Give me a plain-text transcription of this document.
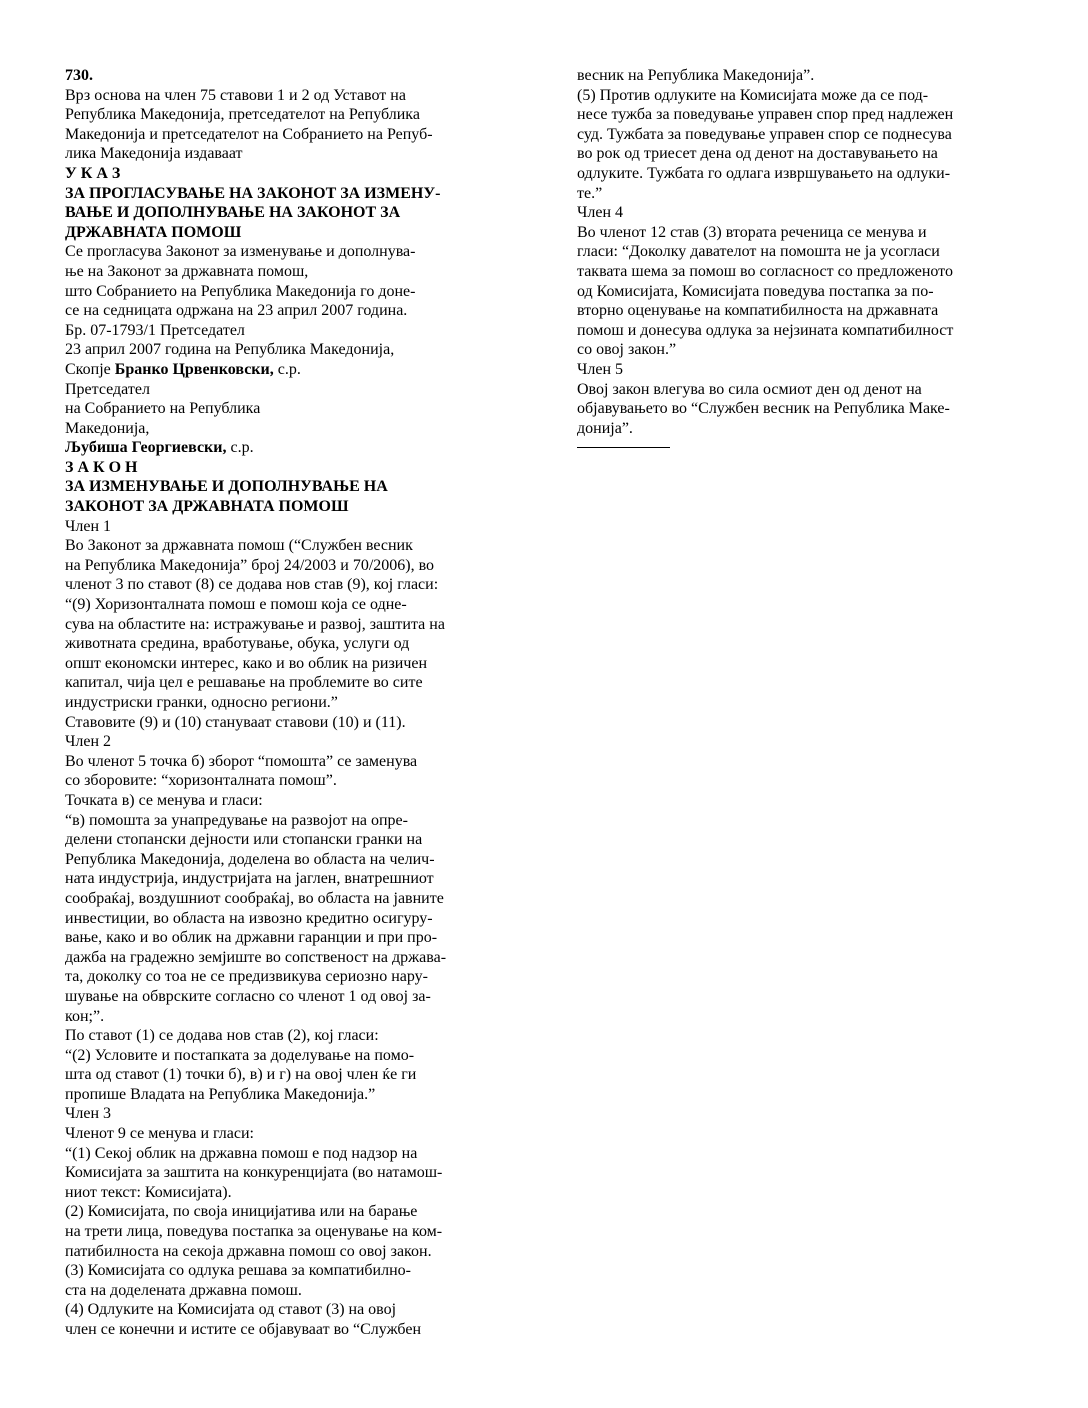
730.
Врз основа на член 75 ставови 1 и 2 од Уставот на
Република Македонија, претседателот на Република
Македонија и претседателот на Собранието на Репуб-
лика Македонија издаваат
У К А З
ЗА ПРОГЛАСУВАЊЕ НА ЗАКОНОТ ЗА ИЗМЕНУ-
ВАЊЕ И ДОПОЛНУВАЊЕ НА ЗАКОНОТ ЗА
ДРЖАВНАТА ПОМОШ
Се прогласува Законот за изменување и дополнува-
ње на Законот за државната помош,
што Собранието на Република Македонија го доне-
се на седницата одржана на 23 април 2007 година.
Бр. 07-1793/1 Претседател
23 април 2007 година на Република Македонија,
Скопје Бранко Црвенковски, с.р.
Претседател
на Собранието на Република
Македонија,
Љубиша Георгиевски, с.р.
З А К О Н
ЗА ИЗМЕНУВАЊЕ И ДОПОЛНУВАЊЕ НА
ЗАКОНОТ ЗА ДРЖАВНАТА ПОМОШ
Член 1
Во Законот за државната помош (“Службен весник
на Република Македонија” број 24/2003 и 70/2006), во
членот 3 по ставот (8) се додава нов став (9), кој гласи:
“(9) Хоризонталната помош е помош која се одне-
сува на областите на: истражување и развој, заштита на
животната средина, вработување, обука, услуги од
општ економски интерес, како и во облик на ризичен
капитал, чија цел е решавање на проблемите во сите
индустриски гранки, односно региони.”
Ставовите (9) и (10) стануваат ставови (10) и (11).
Член 2
Во членот 5 точка б) зборот “помошта” се заменува
со зборовите: “хоризонталната помош”.
Точката в) се менува и гласи:
“в) помошта за унапредување на развојот на опре-
делени стопански дејности или стопански гранки на
Република Македонија, доделена во областа на челич-
ната индустрија, индустријата на јаглен, внатрешниот
сообраќај, воздушниот сообраќај, во областа на јавните
инвестиции, во областа на извозно кредитно осигуру-
вање, како и во облик на државни гаранции и при про-
дажба на градежно земјиште во сопственост на држава-
та, доколку со тоа не се предизвикува сериозно нару-
шување на обврските согласно со членот 1 од овој за-
кон;”.
По ставот (1) се додава нов став (2), кој гласи:
“(2) Условите и постапката за доделување на помо-
шта од ставот (1) точки б), в) и г) на овој член ќе ги
пропише Владата на Република Македонија.”
Член 3
Членот 9 се менува и гласи:
“(1) Секој облик на државна помош е под надзор на
Комисијата за заштита на конкуренцијата (во натамош-
ниот текст: Комисијата).
(2) Комисијата, по своја иницијатива или на барање
на трети лица, поведува постапка за оценување на ком-
патибилноста на секоја државна помош со овој закон.
(3) Комисијата со одлука решава за компатибилно-
ста на доделената државна помош.
(4) Одлуките на Комисијата од ставот (3) на овој
член се конечни и истите се објавуваат во “Службен
весник на Република Македонија”.
(5) Против одлуките на Комисијата може да се под-
несе тужба за поведување управен спор пред надлежен
суд. Тужбата за поведување управен спор се поднесува
во рок од триесет дена од денот на доставувањето на
одлуките. Тужбата го одлага извршувањето на одлуки-
те.”
Член 4
Во членот 12 став (3) втората реченица се менува и
гласи: “Доколку давателот на помошта не ја усогласи
таквата шема за помош во согласност со предложеното
од Комисијата, Комисијата поведува постапка за по-
вторно оценување на компатибилноста на државната
помош и донесува одлука за нејзината компатибилност
со овој закон.”
Член 5
Овој закон влегува во сила осмиот ден од денот на
објавувањето во “Службен весник на Република Маке-
донија”.
